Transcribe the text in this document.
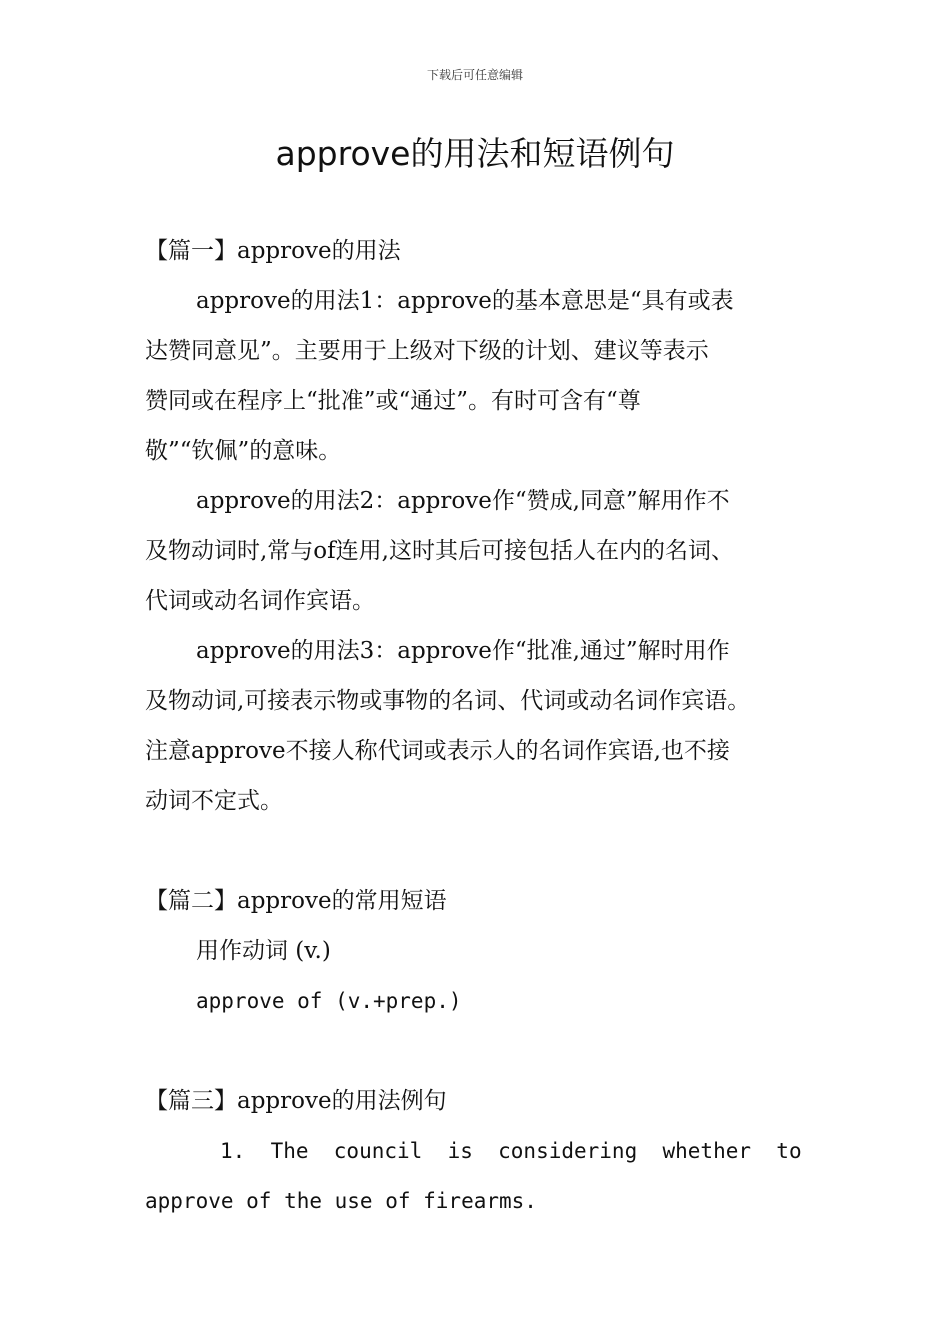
下载后可任意编辑
approve的用法和短语例句
【篇一】approve的用法
approve的用法1：approve的基本意思是“具有或表
达赞同意见”。主要用于上级对下级的计划、建议等表示
赞同或在程序上“批准”或“通过”。有时可含有“尊
敬”“钦佩”的意味。
approve的用法2：approve作“赞成,同意”解用作不
及物动词时,常与of连用,这时其后可接包括人在内的名词、
代词或动名词作宾语。
approve的用法3：approve作“批准,通过”解时用作
及物动词,可接表示物或事物的名词、代词或动名词作宾语。
注意approve不接人称代词或表示人的名词作宾语,也不接
动词不定式。
【篇二】approve的常用短语
用作动词 (v.)
approve of (v.+prep.)
【篇三】approve的用法例句
1.  The  council  is  considering  whether  to
approve of the use of firearms.
